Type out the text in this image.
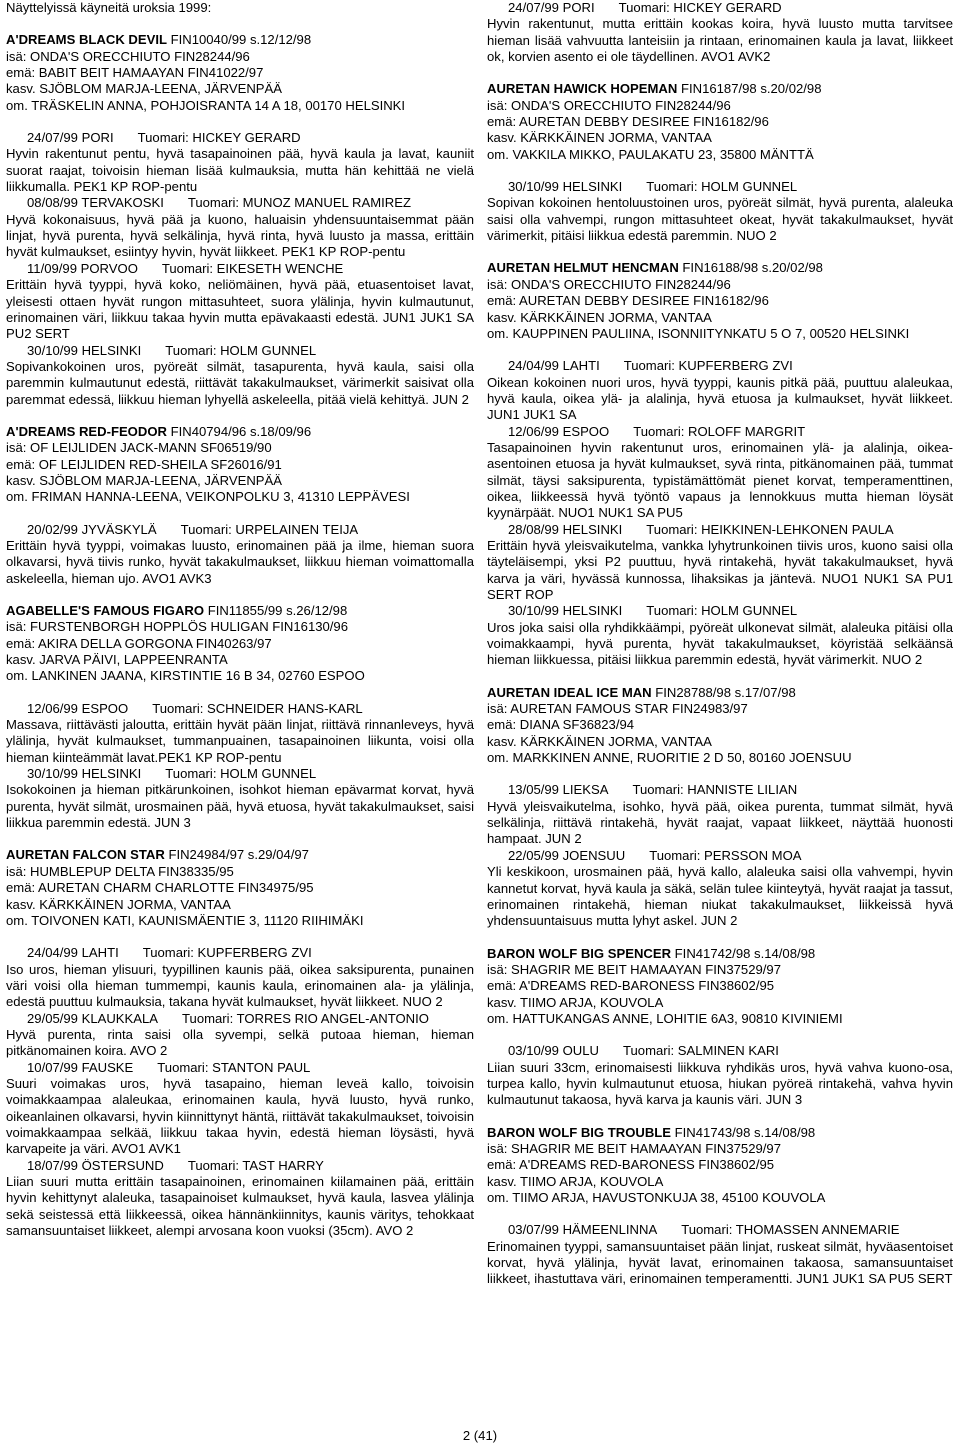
Näyttelyissä käyneitä uroksia 1999:

A'DREAMS BLACK DEVIL FIN10040/99 s.12/12/98

isä: ONDA'S ORECCHIUTO FIN28244/96

emä: BABIT BEIT HAMAAYAN FIN41022/97

kasv. SJÖBLOM MARJA-LEENA, JÄRVENPÄÄ

om. TRÄSKELIN ANNA, POHJOISRANTA 14 A 18, 00170 HELSINKI

24/07/99 PORI Tuomari: HICKEY GERARD

Hyvin rakentunut pentu, hyvä tasapainoinen pää, hyvä kaula ja lavat, kauniit suorat raajat, toivoisin hieman lisää kulmauksia, mutta hän kehittää ne vielä liikkumalla. PEK1 KP ROP-pentu

08/08/99 TERVAKOSKI Tuomari: MUNOZ MANUEL RAMIREZ

Hyvä kokonaisuus, hyvä pää ja kuono, haluaisin yhdensuuntaisemmat pään linjat, hyvä purenta, hyvä selkälinja, hyvä rinta, hyvä luusto ja massa, erittäin hyvät kulmaukset, esiintyy hyvin, hyvät liikkeet. PEK1 KP ROP-pentu

11/09/99 PORVOO Tuomari: EIKESETH WENCHE

Erittäin hyvä tyyppi, hyvä koko, neliömäinen, hyvä pää, etuasentoiset lavat, yleisesti ottaen hyvät rungon mittasuhteet, suora ylälinja, hyvin kulmautunut, erinomainen väri, liikkuu takaa hyvin mutta epävakaasti edestä. JUN1 JUK1 SA PU2 SERT

30/10/99 HELSINKI Tuomari: HOLM GUNNEL

Sopivankokoinen uros, pyöreät silmät, tasapurenta, hyvä kaula, saisi olla paremmin kulmautunut edestä, riittävät takakulmaukset, värimerkit saisivat olla paremmat edessä, liikkuu hieman lyhyellä askeleella, pitää vielä kehittyä. JUN 2

A'DREAMS RED-FEODOR FIN40794/96 s.18/09/96

isä: OF LEIJLIDEN JACK-MANN SF06519/90

emä: OF LEIJLIDEN RED-SHEILA SF26016/91

kasv. SJÖBLOM MARJA-LEENA, JÄRVENPÄÄ

om. FRIMAN HANNA-LEENA, VEIKONPOLKU 3, 41310 LEPPÄVESI

20/02/99 JYVÄSKYLÄ Tuomari: URPELAINEN TEIJA

Erittäin hyvä tyyppi, voimakas luusto, erinomainen pää ja ilme, hieman suora olkavarsi, hyvä tiivis runko, hyvät takakulmaukset, liikkuu hieman voimattomalla askeleella, hieman ujo. AVO1 AVK3

AGABELLE'S FAMOUS FIGARO FIN11855/99 s.26/12/98

isä: FURSTENBORGH HOPPLÖS HULIGAN FIN16130/96

emä: AKIRA DELLA GORGONA FIN40263/97

kasv. JARVA PÄIVI, LAPPEENRANTA

om. LANKINEN JAANA, KIRSTINTIE 16 B 34, 02760 ESPOO

12/06/99 ESPOO Tuomari: SCHNEIDER HANS-KARL

Massava, riittävästi jaloutta, erittäin hyvät pään linjat, riittävä rinnanleveys, hyvä ylälinja, hyvät kulmaukset, tummanpuainen, tasapainoinen liikunta, voisi olla hieman kiinteämmät lavat.PEK1 KP ROP-pentu

30/10/99 HELSINKI Tuomari: HOLM GUNNEL

Isokokoinen ja hieman pitkärunkoinen, isohkot hieman epävarmat korvat, hyvä purenta, hyvät silmät, urosmainen pää, hyvä etuosa, hyvät takakulmaukset, saisi liikkua paremmin edestä. JUN 3

AURETAN FALCON STAR FIN24984/97 s.29/04/97

isä: HUMBLEPUP DELTA FIN38335/95

emä: AURETAN CHARM CHARLOTTE FIN34975/95

kasv. KÄRKKÄINEN JORMA, VANTAA

om. TOIVONEN KATI, KAUNISMÄENTIE 3, 11120 RIIHIMÄKI

24/04/99 LAHTI Tuomari: KUPFERBERG ZVI

Iso uros, hieman ylisuuri, tyypillinen kaunis pää, oikea saksipurenta, punainen väri voisi olla hieman tummempi, kaunis kaula, erinomainen ala- ja ylälinja, edestä puuttuu kulmauksia, takana hyvät kulmaukset, hyvät liikkeet. NUO 2

29/05/99 KLAUKKALA Tuomari: TORRES RIO ANGEL-ANTONIO

Hyvä purenta, rinta saisi olla syvempi, selkä putoaa hieman, hieman pitkänomainen koira. AVO 2

10/07/99 FAUSKE Tuomari: STANTON PAUL

Suuri voimakas uros, hyvä tasapaino, hieman leveä kallo, toivoisin voimakkaampaa alaleukaa, erinomainen kaula, hyvä luusto, hyvä runko, oikeanlainen olkavarsi, hyvin kiinnittynyt häntä, riittävät takakulmaukset, toivoisin voimakkaampaa selkää, liikkuu takaa hyvin, edestä hieman löysästi, hyvä karvapeite ja väri. AVO1 AVK1

18/07/99 ÖSTERSUND Tuomari: TAST HARRY

Liian suuri mutta erittäin tasapainoinen, erinomainen kiilamainen pää, erittäin hyvin kehittynyt alaleuka, tasapainoiset kulmaukset, hyvä kaula, lasvea ylälinja sekä seistessä että liikkeessä, oikea hännänkiinnitys, kaunis väritys, tehokkaat samansuuntaiset liikkeet, alempi arvosana koon vuoksi (35cm). AVO 2

24/07/99 PORI Tuomari: HICKEY GERARD

Hyvin rakentunut, mutta erittäin kookas koira, hyvä luusto mutta tarvitsee hieman lisää vahvuutta lanteisiin ja rintaan, erinomainen kaula ja lavat, liikkeet ok, korvien asento ei ole täydellinen. AVO1 AVK2

AURETAN HAWICK HOPEMAN FIN16187/98 s.20/02/98

isä: ONDA'S ORECCHIUTO FIN28244/96

emä: AURETAN DEBBY DESIREE FIN16182/96

kasv. KÄRKKÄINEN JORMA, VANTAA

om. VAKKILA MIKKO, PAULAKATU 23, 35800 MÄNTTÄ

30/10/99 HELSINKI Tuomari: HOLM GUNNEL

Sopivan kokoinen hentoluustoinen uros, pyöreät silmät, hyvä purenta, alaleuka saisi olla vahvempi, rungon mittasuhteet okeat, hyvät takakulmaukset, hyvät värimerkit, pitäisi liikkua edestä paremmin. NUO 2

AURETAN HELMUT HENCMAN FIN16188/98 s.20/02/98

isä: ONDA'S ORECCHIUTO FIN28244/96

emä: AURETAN DEBBY DESIREE FIN16182/96

kasv. KÄRKKÄINEN JORMA, VANTAA

om. KAUPPINEN PAULIINA, ISONNIITYNKATU 5 O 7, 00520 HELSINKI

24/04/99 LAHTI Tuomari: KUPFERBERG ZVI

Oikean kokoinen nuori uros, hyvä tyyppi, kaunis pitkä pää, puuttuu alaleukaa, hyvä kaula, oikea ylä- ja alalinja, hyvä etuosa ja kulmaukset, hyvät liikkeet. JUN1 JUK1 SA

12/06/99 ESPOO Tuomari: ROLOFF MARGRIT

Tasapainoinen hyvin rakentunut uros, erinomainen ylä- ja alalinja, oikea-asentoinen etuosa ja hyvät kulmaukset, syvä rinta, pitkänomainen pää, tummat silmät, täysi saksipurenta, typistämättömät pienet korvat, temperamenttinen, oikea, liikkeessä hyvä työntö vapaus ja lennokkuus mutta hieman löysät kyynärpäät. NUO1 NUK1 SA PU5

28/08/99 HELSINKI Tuomari: HEIKKINEN-LEHKONEN PAULA

Erittäin hyvä yleisvaikutelma, vankka lyhytrunkoinen tiivis uros, kuono saisi olla täyteläisempi, yksi P2 puuttuu, hyvä rintakehä, hyvät takakulmaukset, hyvä karva ja väri, hyvässä kunnossa, lihaksikas ja jäntevä. NUO1 NUK1 SA PU1 SERT ROP

30/10/99 HELSINKI Tuomari: HOLM GUNNEL

Uros joka saisi olla ryhdikkäämpi, pyöreät ulkonevat silmät, alaleuka pitäisi olla voimakkaampi, hyvä purenta, hyvät takakulmaukset, köyristää selkäänsä hieman liikkuessa, pitäisi liikkua paremmin edestä, hyvät värimerkit. NUO 2

AURETAN IDEAL ICE MAN FIN28788/98 s.17/07/98

isä: AURETAN FAMOUS STAR FIN24983/97

emä: DIANA SF36823/94

kasv. KÄRKKÄINEN JORMA, VANTAA

om. MARKKINEN ANNE, RUORITIE 2 D 50, 80160 JOENSUU

13/05/99 LIEKSA Tuomari: HANNISTE LILIAN

Hyvä yleisvaikutelma, isohko, hyvä pää, oikea purenta, tummat silmät, hyvä selkälinja, riittävä rintakehä, hyvät raajat, vapaat liikkeet, näyttää huonosti hampaat. JUN 2

22/05/99 JOENSUU Tuomari: PERSSON MOA

Yli keskikoon, urosmainen pää, hyvä kallo, alaleuka saisi olla vahvempi, hyvin kannetut korvat, hyvä kaula ja säkä, selän tulee kiinteytyä, hyvät raajat ja tassut, erinomainen rintakehä, hieman niukat takakulmaukset, liikkeissä hyvä yhdensuuntaisuus mutta lyhyt askel. JUN 2

BARON WOLF BIG SPENCER FIN41742/98 s.14/08/98

isä: SHAGRIR ME BEIT HAMAAYAN FIN37529/97

emä: A'DREAMS RED-BARONESS FIN38602/95

kasv. TIIMO ARJA, KOUVOLA

om. HATTUKANGAS ANNE, LOHITIE 6A3, 90810 KIVINIEMI

03/10/99 OULU Tuomari: SALMINEN KARI

Liian suuri 33cm, erinomaisesti liikkuva ryhdikäs uros, hyvä vahva kuono-osa, turpea kallo, hyvin kulmautunut etuosa, hiukan pyöreä rintakehä, vahva hyvin kulmautunut takaosa, hyvä karva ja kaunis väri. JUN 3

BARON WOLF BIG TROUBLE FIN41743/98 s.14/08/98

isä: SHAGRIR ME BEIT HAMAAYAN FIN37529/97

emä: A'DREAMS RED-BARONESS FIN38602/95

kasv. TIIMO ARJA, KOUVOLA

om. TIIMO ARJA, HAVUSTONKUJA 38, 45100 KOUVOLA

03/07/99 HÄMEENLINNA Tuomari: THOMASSEN ANNEMARIE

Erinomainen tyyppi, samansuuntaiset pään linjat, ruskeat silmät, hyväasentoiset korvat, hyvä ylälinja, hyvät lavat, erinomainen takaosa, samansuuntaiset liikkeet, ihastuttava väri, erinomainen temperamentti. JUN1 JUK1 SA PU5 SERT

2 (41)
